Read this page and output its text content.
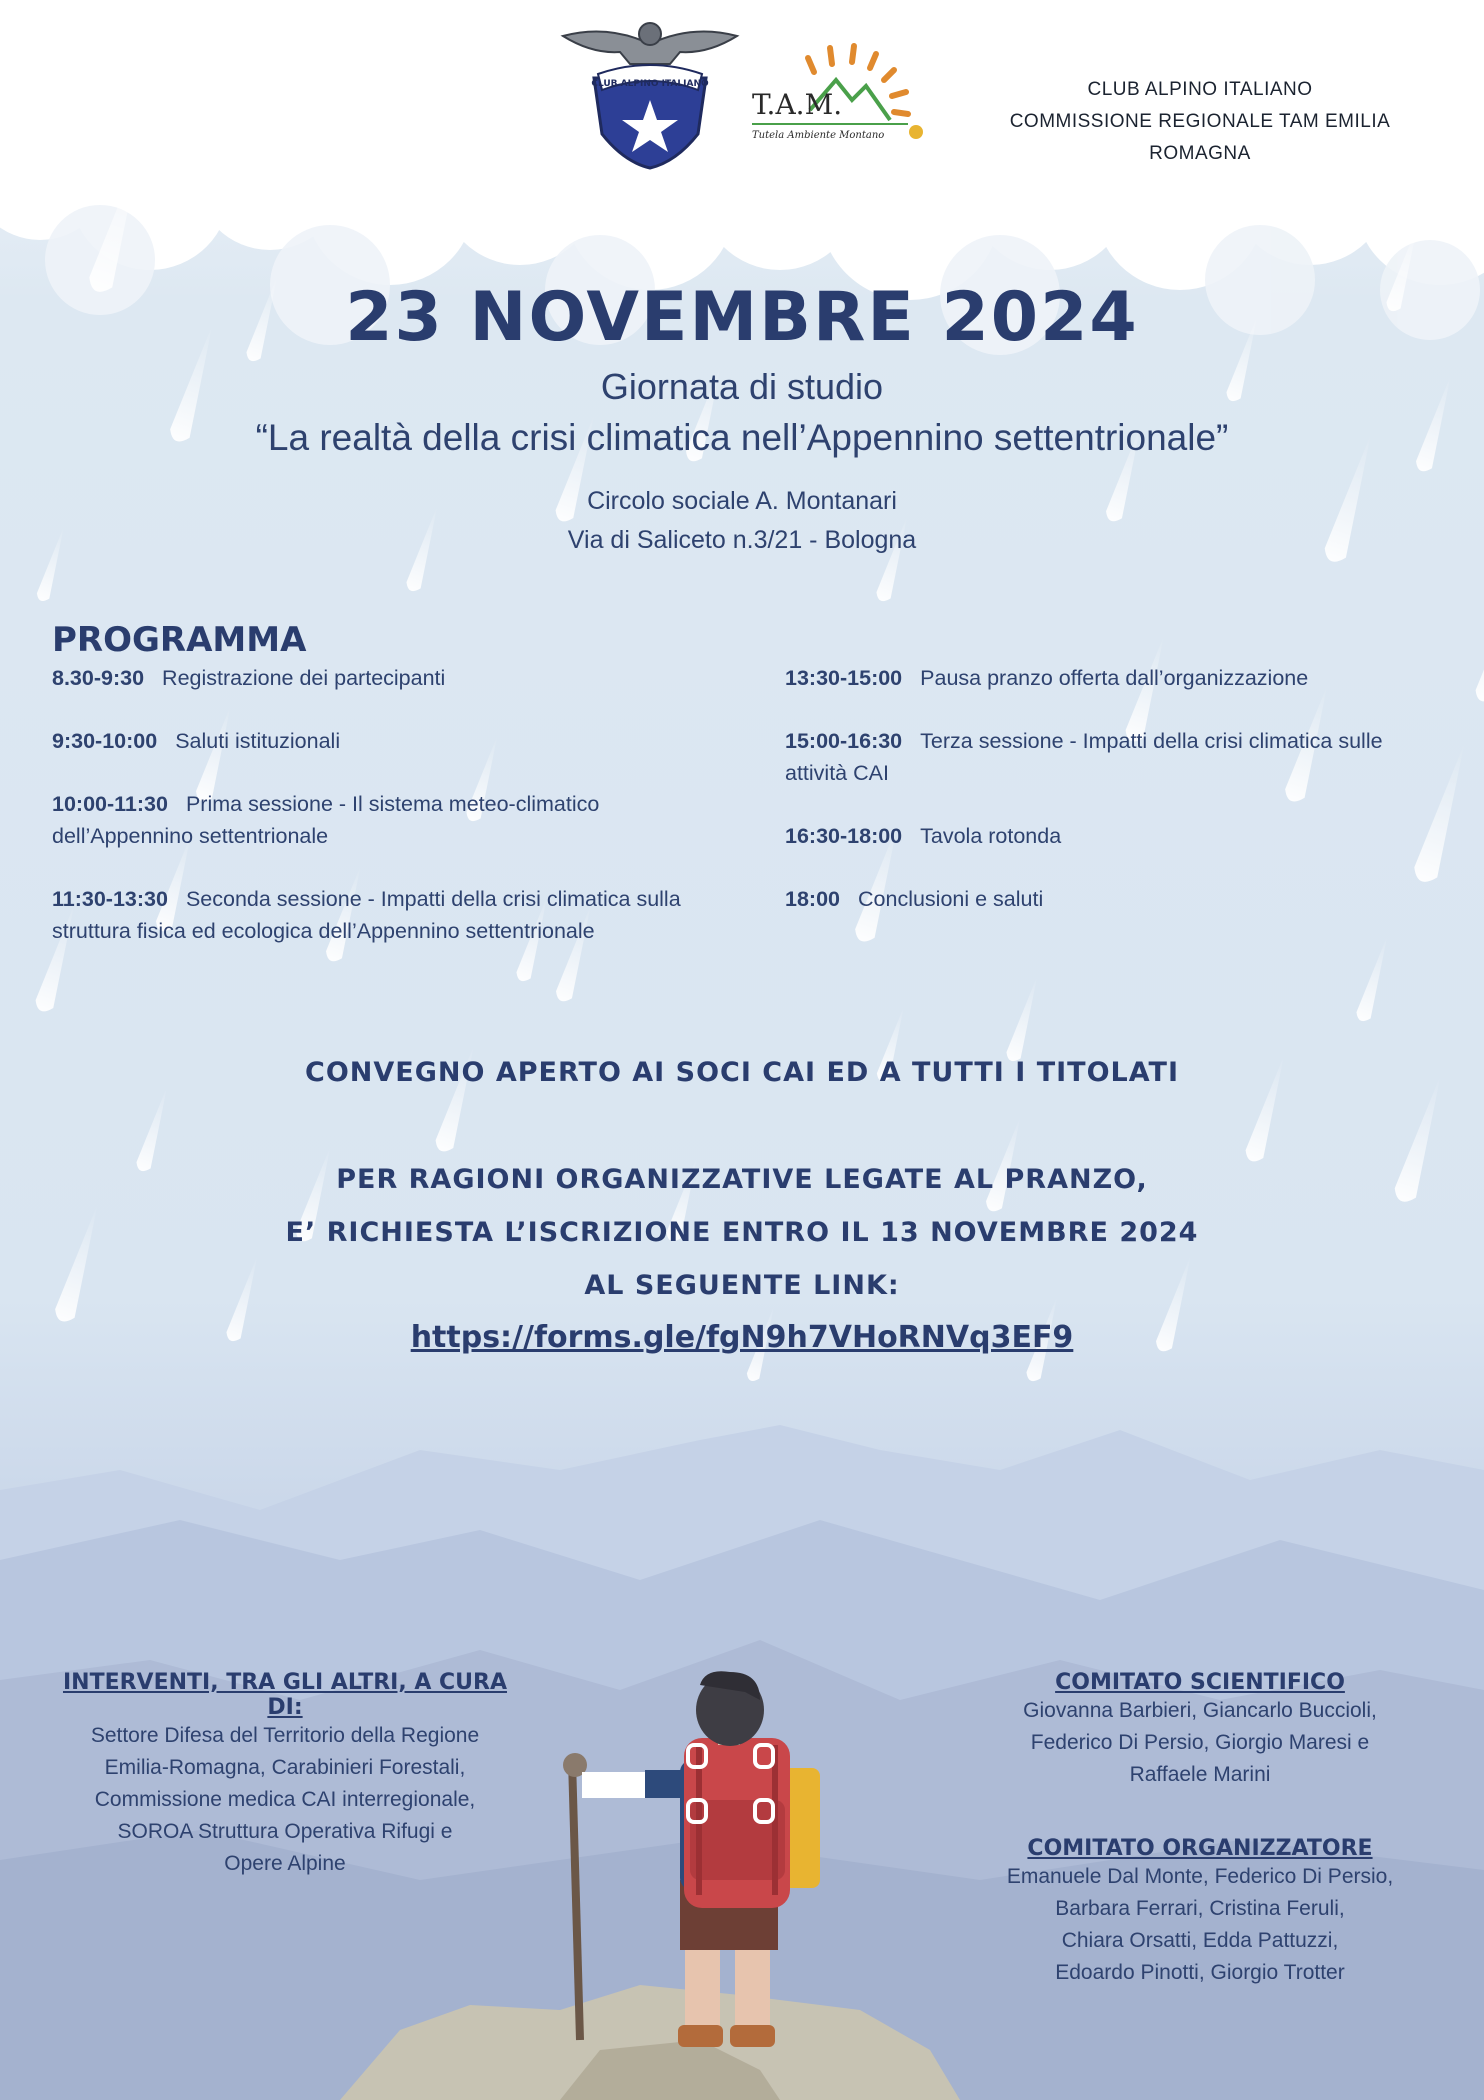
CLUB ALPINO ITALIANO
T.A.M.
Tutela Ambiente Montano
CLUB ALPINO ITALIANO
COMMISSIONE REGIONALE TAM EMILIA ROMAGNA
23 NOVEMBRE 2024
Giornata di studio
“La realtà della crisi climatica nell’Appennino settentrionale”
Circolo sociale A. Montanari
Via di Saliceto n.3/21 - Bologna
PROGRAMMA
8.30-9:30 Registrazione dei partecipanti
9:30-10:00 Saluti istituzionali
10:00-11:30 Prima sessione - Il sistema meteo-climatico dell’Appennino settentrionale
11:30-13:30 Seconda sessione - Impatti della crisi climatica sulla struttura fisica ed ecologica dell’Appennino settentrionale
13:30-15:00 Pausa pranzo offerta dall’organizzazione
15:00-16:30 Terza sessione - Impatti della crisi climatica sulle attività CAI
16:30-18:00 Tavola rotonda
18:00 Conclusioni e saluti
CONVEGNO APERTO AI SOCI CAI ED A TUTTI I TITOLATI
PER RAGIONI ORGANIZZATIVE LEGATE AL PRANZO,
E’ RICHIESTA L’ISCRIZIONE ENTRO IL 13 NOVEMBRE 2024
AL SEGUENTE LINK:
https://forms.gle/fgN9h7VHoRNVq3EF9
INTERVENTI, TRA GLI ALTRI, A CURA DI:
Settore Difesa del Territorio della Regione
Emilia-Romagna, Carabinieri Forestali,
Commissione medica CAI interregionale,
SOROA Struttura Operativa Rifugi e
Opere Alpine
COMITATO SCIENTIFICO
Giovanna Barbieri, Giancarlo Buccioli,
Federico Di Persio, Giorgio Maresi e
Raffaele Marini
COMITATO ORGANIZZATORE
Emanuele Dal Monte, Federico Di Persio,
Barbara Ferrari, Cristina Feruli,
Chiara Orsatti, Edda Pattuzzi,
Edoardo Pinotti, Giorgio Trotter
